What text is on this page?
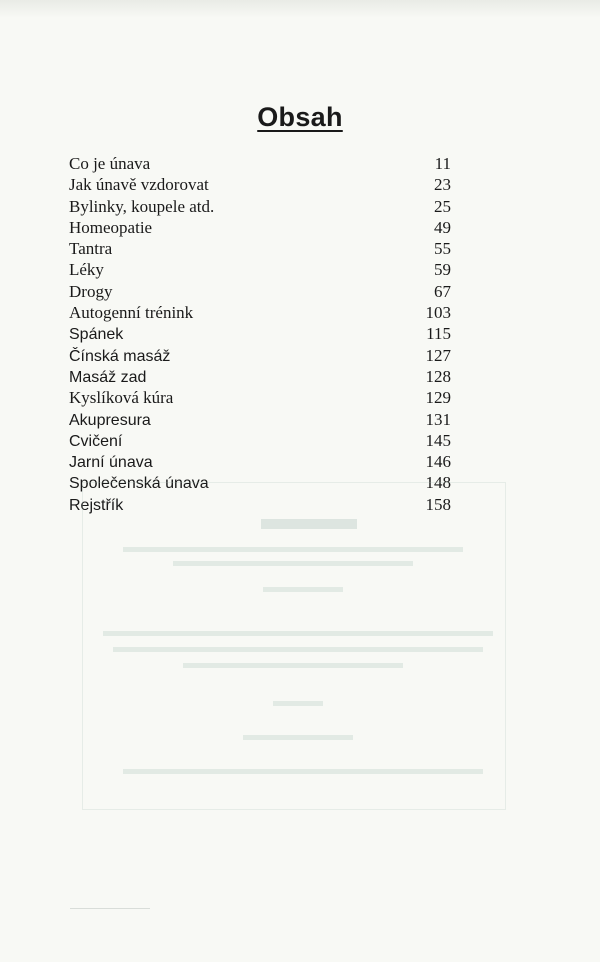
Obsah
Co je únava	11
Jak únavě vzdorovat	23
Bylinky, koupele atd.	25
Homeopatie	49
Tantra	55
Léky	59
Drogy	67
Autogenní trénink	103
Spánek	115
Čínská masáž	127
Masáž zad	128
Kyslíková kúra	129
Akupresura	131
Cvičení	145
Jarní únava	146
Společenská únava	148
Rejstřík	158
